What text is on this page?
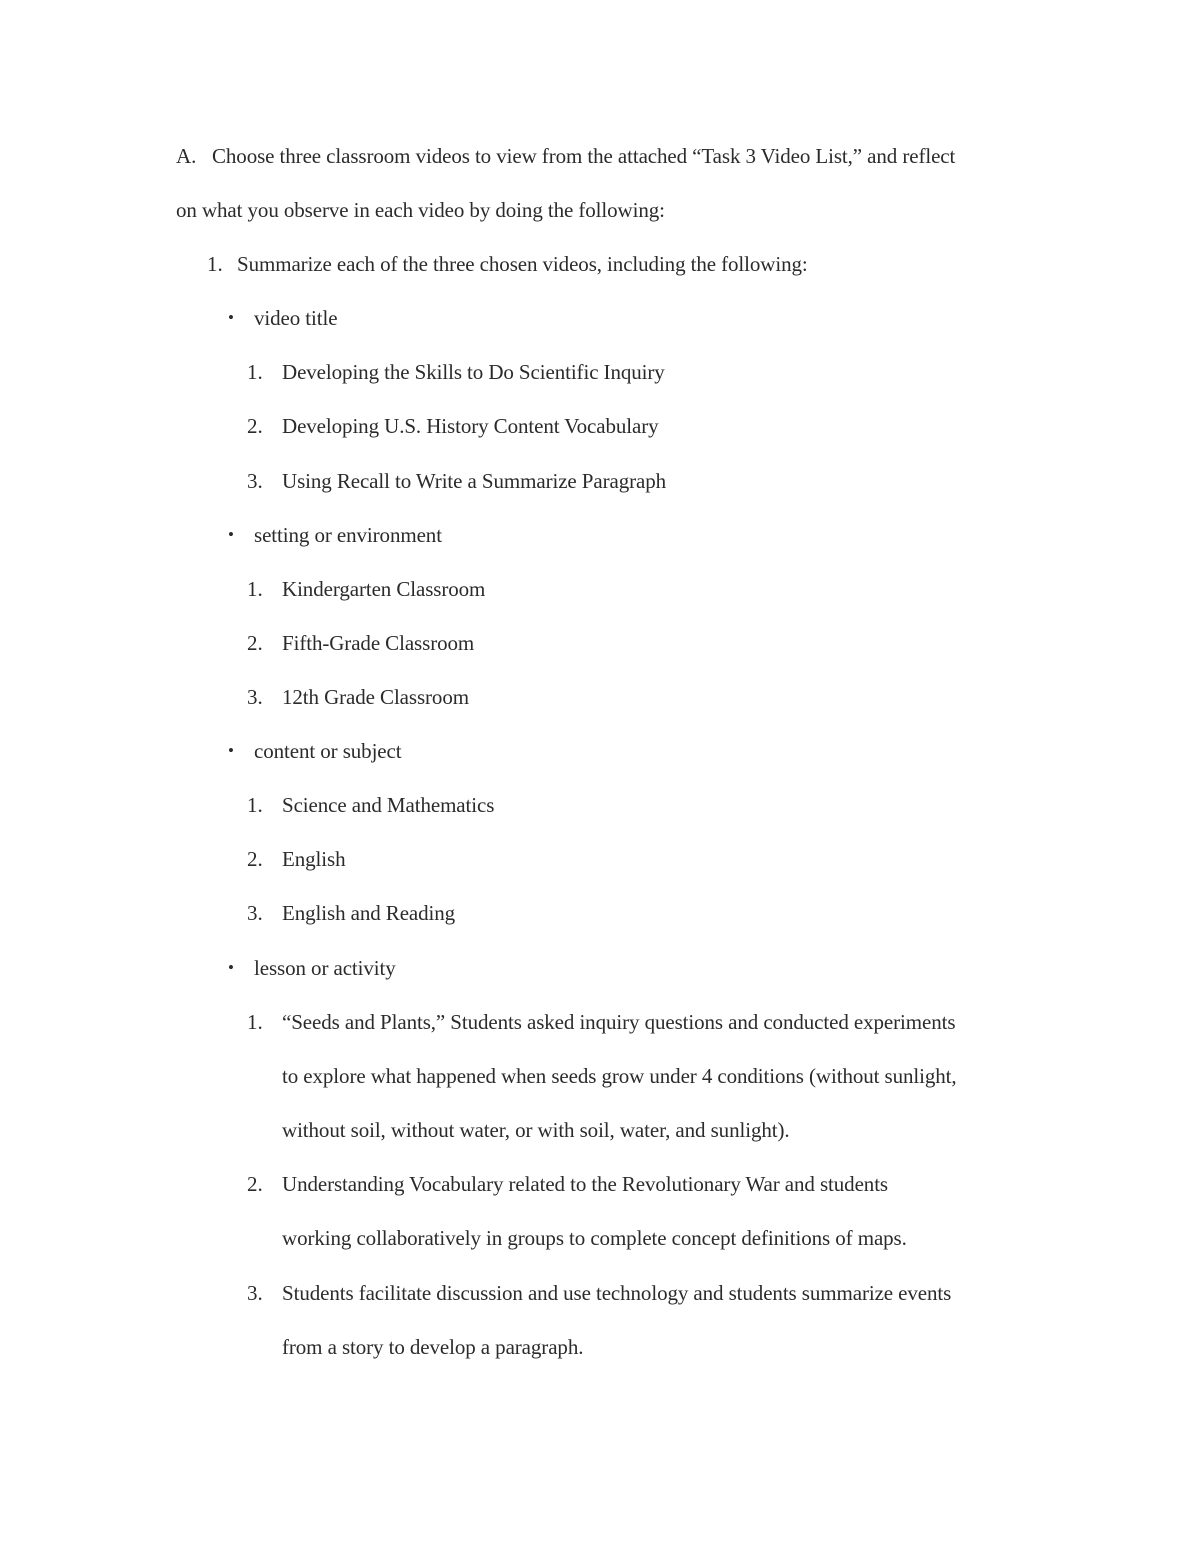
A. Choose three classroom videos to view from the attached “Task 3 Video List,” and reflect
on what you observe in each video by doing the following:
1. Summarize each of the three chosen videos, including the following:
• video title
1. Developing the Skills to Do Scientific Inquiry
2. Developing U.S. History Content Vocabulary
3. Using Recall to Write a Summarize Paragraph
• setting or environment
1. Kindergarten Classroom
2. Fifth-Grade Classroom
3. 12th Grade Classroom
• content or subject
1. Science and Mathematics
2. English
3. English and Reading
• lesson or activity
1. “Seeds and Plants,” Students asked inquiry questions and conducted experiments
to explore what happened when seeds grow under 4 conditions (without sunlight,
without soil, without water, or with soil, water, and sunlight).
2. Understanding Vocabulary related to the Revolutionary War and students
working collaboratively in groups to complete concept definitions of maps.
3. Students facilitate discussion and use technology and students summarize events
from a story to develop a paragraph.
